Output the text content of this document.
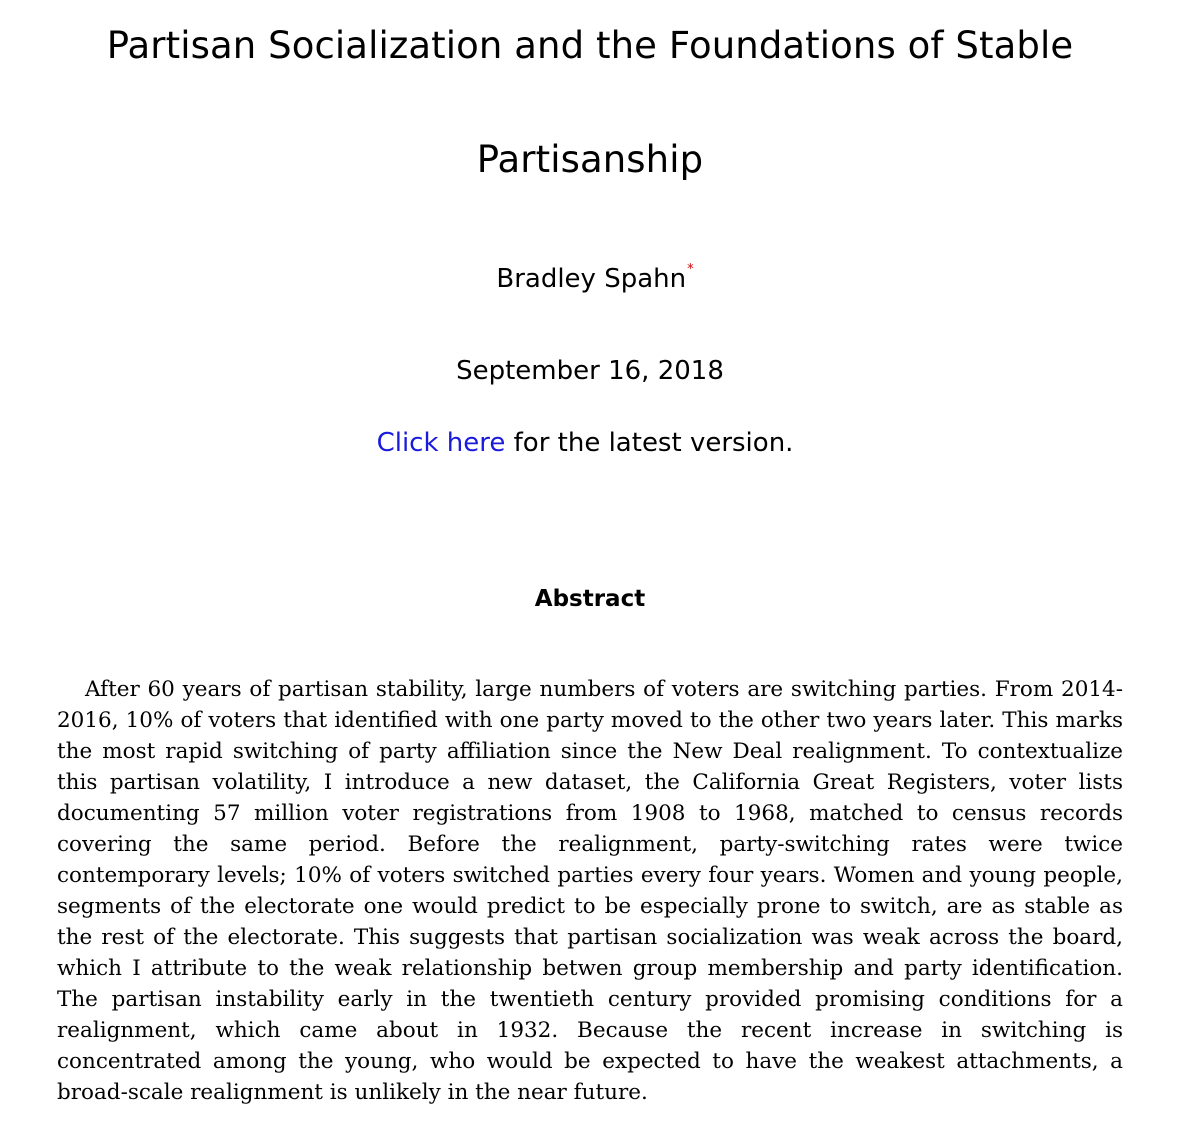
Partisan Socialization and the Foundations of Stable
Partisanship
Bradley Spahn*
September 16, 2018
Click here for the latest version.
Abstract

After 60 years of partisan stability, large numbers of voters are switching parties. From 2014-2016, 10% of voters that identified with one party moved to the other two years later. This marks the most rapid switching of party affiliation since the New Deal realignment. To contextualize this partisan volatility, I introduce a new dataset, the California Great Registers, voter lists documenting 57 million voter registrations from 1908 to 1968, matched to census records covering the same period. Before the realignment, party-switching rates were twice contemporary levels; 10% of voters switched parties every four years. Women and young people, segments of the electorate one would predict to be especially prone to switch, are as stable as the rest of the electorate. This suggests that partisan socialization was weak across the board, which I attribute to the weak relationship betwen group membership and party identification. The partisan instability early in the twentieth century provided promising conditions for a realignment, which came about in 1932. Because the recent increase in switching is concentrated among the young, who would be expected to have the weakest attachments, a broad-scale realignment is unlikely in the near future.
